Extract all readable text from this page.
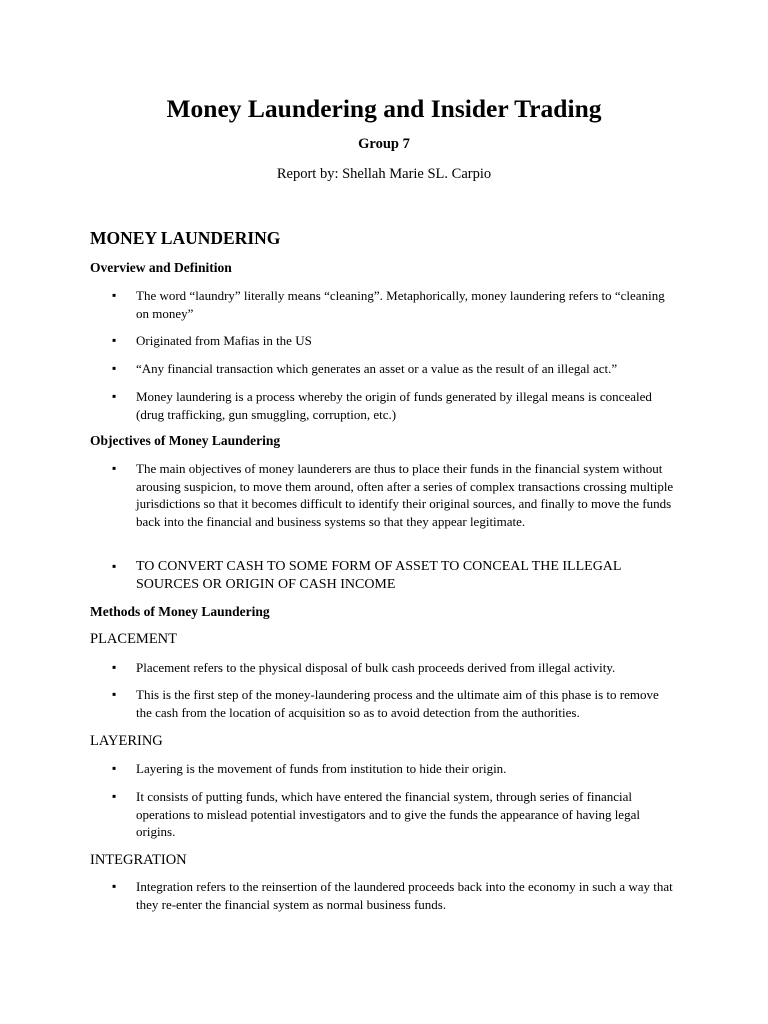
Money Laundering and Insider Trading
Group 7
Report by: Shellah Marie SL. Carpio
MONEY LAUNDERING
Overview and Definition
▪ The word “laundry” literally means “cleaning”. Metaphorically, money laundering refers to “cleaning on money”
▪ Originated from Mafias in the US
▪ “Any financial transaction which generates an asset or a value as the result of an illegal act.”
▪ Money laundering is a process whereby the origin of funds generated by illegal means is concealed (drug trafficking, gun smuggling, corruption, etc.)
Objectives of Money Laundering
▪ The main objectives of money launderers are thus to place their funds in the financial system without arousing suspicion, to move them around, often after a series of complex transactions crossing multiple jurisdictions so that it becomes difficult to identify their original sources, and finally to move the funds back into the financial and business systems so that they appear legitimate.
▪ TO CONVERT CASH TO SOME FORM OF ASSET TO CONCEAL THE ILLEGAL SOURCES OR ORIGIN OF CASH INCOME
Methods of Money Laundering
PLACEMENT
▪ Placement refers to the physical disposal of bulk cash proceeds derived from illegal activity.
▪ This is the first step of the money-laundering process and the ultimate aim of this phase is to remove the cash from the location of acquisition so as to avoid detection from the authorities.
LAYERING
▪ Layering is the movement of funds from institution to hide their origin.
▪ It consists of putting funds, which have entered the financial system, through series of financial operations to mislead potential investigators and to give the funds the appearance of having legal origins.
INTEGRATION
▪ Integration refers to the reinsertion of the laundered proceeds back into the economy in such a way that they re-enter the financial system as normal business funds.
